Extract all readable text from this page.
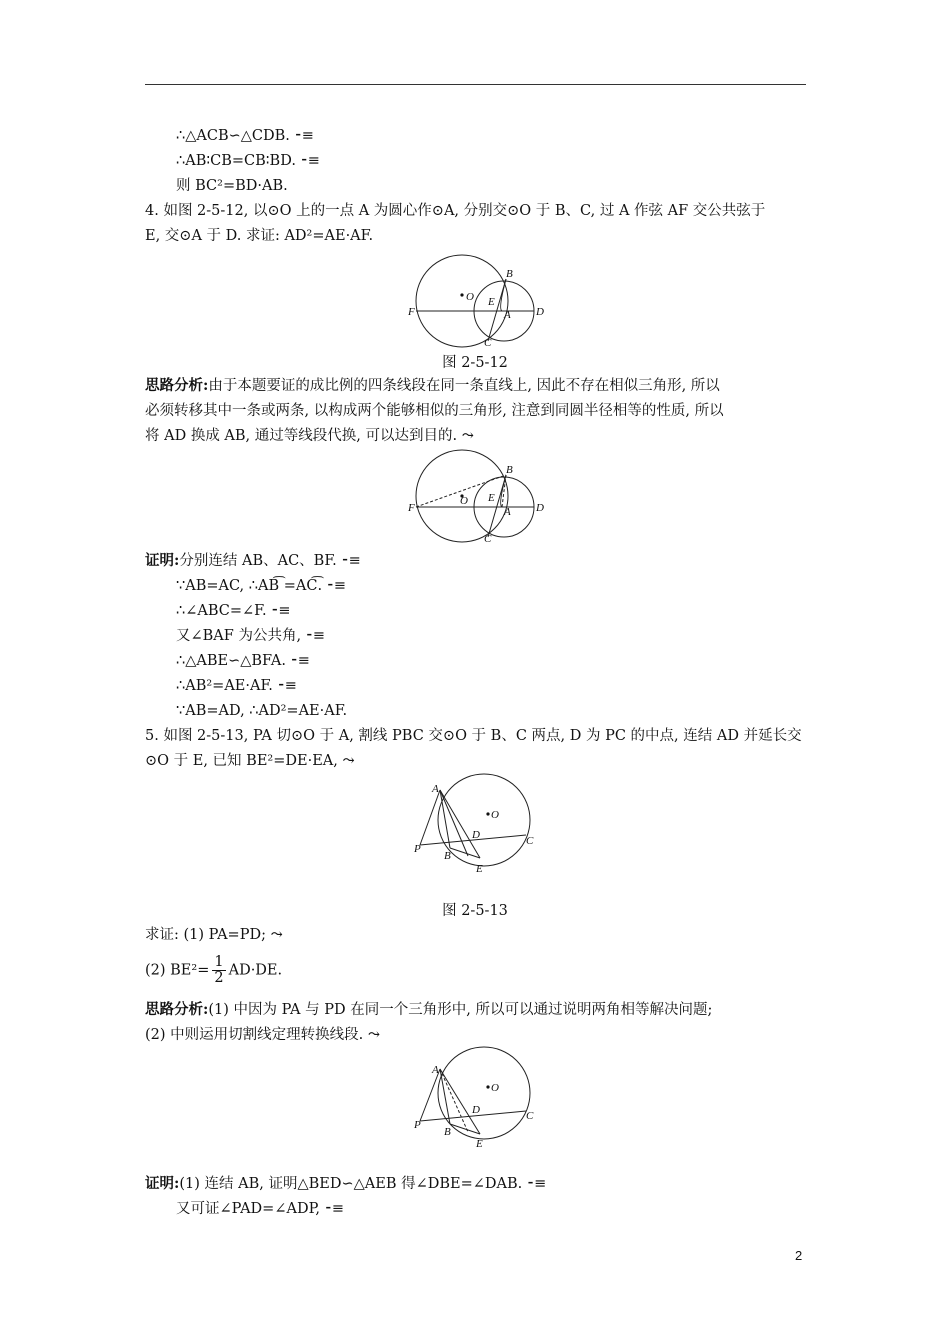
∴△ACB∽△CDB. ⁃≡
∴AB∶CB=CB∶BD. ⁃≡
则 BC²=BD·AB.
4. 如图 2-5-12, 以⊙O 上的一点 A 为圆心作⊙A, 分别交⊙O 于 B、C, 过 A 作弦 AF 交公共弦于
E, 交⊙A 于 D. 求证: AD²=AE·AF.
B
O E
F	A D
C
图 2-5-12
思路分析:由于本题要证的成比例的四条线段在同一条直线上, 因此不存在相似三角形, 所以
必须转移其中一条或两条, 以构成两个能够相似的三角形, 注意到同圆半径相等的性质, 所以
将 AD 换成 AB, 通过等线段代换, 可以达到目的. ⤳
B
O E
F	A D
C
证明:分别连结 AB、AC、BF. ⁃≡
∵AB=AC, ∴AB͡ =AC͡. ⁃≡
∴∠ABC=∠F. ⁃≡
又∠BAF 为公共角, ⁃≡
∴△ABE∽△BFA. ⁃≡
∴AB²=AE·AF. ⁃≡
∵AB=AD, ∴AD²=AE·AF.
5. 如图 2-5-13, PA 切⊙O 于 A, 割线 PBC 交⊙O 于 B、C 两点, D 为 PC 的中点, 连结 AD 并延长交
⊙O 于 E, 已知 BE²=DE·EA, ⤳
A
O
D	C
P
B
E
图 2-5-13
求证: (1) PA=PD; ⤳
(2) $BE^2= \frac{1}{2} AD\cdot DE$.
思路分析:(1) 中因为 PA 与 PD 在同一个三角形中, 所以可以通过说明两角相等解决问题;
(2) 中则运用切割线定理转换线段. ⤳
A
O
D	C
P
B
E
证明:(1) 连结 AB, 证明△BED∽△AEB 得∠DBE=∠DAB. ⁃≡
又可证∠PAD=∠ADP, ⁃≡
2
